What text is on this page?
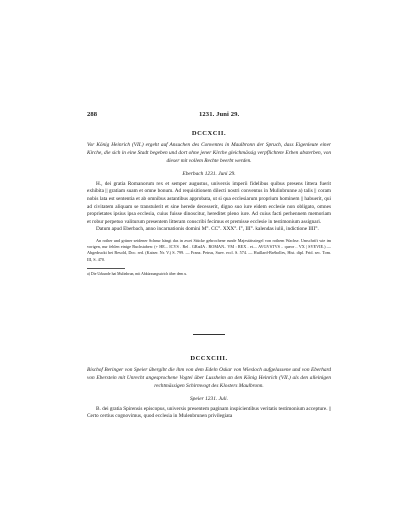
288	1231. Juni 29.
DCCXCII.

Vor König Heinrich (VII.) ergeht auf Ansuchen des Conventes in Maulbronn der Spruch, dass Eigenleute einer Kirche, die sich in eine Stadt begeben und dort ohne jener Kirche gleichmässig verpflichtete Erben absterben, von dieser mit vollem Rechte beerbt werden.

Eberbach 1231. Juni 29.

H., dei gratia Romanorum rex et semper augustus, universis imperii fidelibus quibus presens littera fuerit exhibita || gratiam suam et omne bonum. Ad requisitionem dilecti nostri conventus in Mulinbrunne a) talis || coram nobis lata est sententia et ab omnibus astantibus approbata, ut si qua ecclesiarum proprium hominem || habuerit, qui ad civitatem aliquam se transtulerit et sine herede decesserit, digno suo iure eidem ecclesie non obligato, omnes proprietates ipsius ipsa ecclesia, cuius fuisse dinoscitur, hereditet pleno iure. Ad cuius facti perhennem memoriam et robur perpetuo valiturum presentem litteram conscribi fecimus et premisse ecclesie in testimonium assignari.

Datum apud Eberbach, anno incarnationis domini M°. CC°. XXX°. I°, III°. kalendas iulii, indictione IIII°.

An rother und grüner seidener Schnur hängt das in zwei Stücke gebrochene runde Majestätssiegel von rothem Wachse. Umschrift wie im vorigen, nur fehlen einige Buchstaben: (+ HE... ICVS . Rel . GRatIA . ROMAN.. VM : REX . et.... AVGVSTVS .. queor .. VX | SVEVIE.) — Abgedruckt bei Besold, Doc. red. (Kaiser. Nr. V.) S. 799. — Franz. Petrus, Suev. eccl. S. 574. — Huillard-Bréholles, Hist. dipl. Frid. sec. Tom. III, S. 470.
a) Die Urkunde hat Mulinbrun, mit Abkürzungsstrich über dem u.
DCCXCIII.

Bischof Beringer von Speier übergibt die ihm von dem Edeln Oskar von Wiesloch aufgelassene und von Eberhard von Eberstein mit Unrecht angesprochene Vogtei über Lussheim an den König Heinrich (VII.) als den alleinigen rechtmässigen Schirmvogt des Klosters Maulbronn.

Speier 1231. Juli.

B. dei gratia Spirensis episcopus, universis presentem paginam inspicientibus veritatis testimonium accepture. || Certo certius cognovimus, quod ecclesia in Mulenbrunen privilegiata
